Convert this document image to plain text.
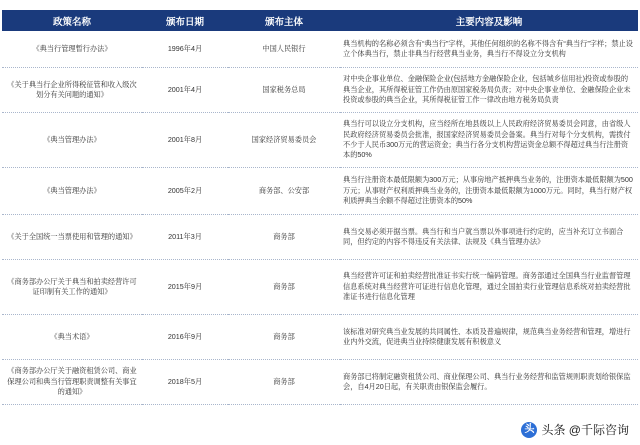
政策名称	颁布日期	颁布主体	主要内容及影响
《典当行管理暂行办法》	1996年4月	中国人民银行	典当机构的名称必须含有“典当行”字样，其他任何组织的名称不得含有“典当行”字样；禁止设立个体典当行，禁止非典当行经营典当业务，典当行不得设立分支机构
《关于典当行企业所得税征管和收入级次划分有关问题的通知》	2001年4月	国家税务总局	对中央企事业单位、金融保险企业(包括地方金融保险企业，包括城乡信用社)投资或参股的典当企业，其所得税征管工作仍由原国家税务局负责；对中央企事业单位、金融保险企业未投资或参股的典当企业，其所得税征管工作一律改由地方税务局负责
《典当管理办法》	2001年8月	国家经济贸易委员会	典当行可以设立分支机构，应当经所在地县级以上人民政府经济贸易委员会同意，由省级人民政府经济贸易委员会批准，报国家经济贸易委员会备案。典当行对每个分支机构，需拨付不少于人民币300万元的营运资金；典当行各分支机构营运资金总额不得超过典当行注册资本的50%
《典当管理办法》	2005年2月	商务部、公安部	典当行注册资本最低限额为300万元；从事房地产抵押典当业务的，注册资本最低限额为500万元；从事财产权利质押典当业务的，注册资本最低限额为1000万元。同时，典当行财产权利质押典当余额不得超过注册资本的50%
《关于全国统一当票使用和管理的通知》	2011年3月	商务部	典当交易必须开据当票。典当行和当户就当票以外事项进行约定的，应当补充订立书面合同，但约定的内容不得违反有关法律、法规及《典当管理办法》
《商务部办公厅关于典当和拍卖经营许可证印制有关工作的通知》	2015年9月	商务部	典当经营许可证和拍卖经营批准证书实行统一编码管理。商务部通过全国典当行业监督管理信息系统对典当经营许可证进行信息化管理，通过全国拍卖行业管理信息系统对拍卖经营批准证书进行信息化管理
《典当术语》	2016年9月	商务部	该标准对研究典当业发展的共同属性、本质及普遍规律，规范典当业务经营和管理，增进行业内外交流，促进典当业持续健康发展有积极意义
《商务部办公厅关于融资租赁公司、商业保理公司和典当行管理职责调整有关事宜的通知》	2018年5月	商务部	商务部已将制定融资租赁公司、商业保理公司、典当行业务经营和监管规则职责划给银保监会，自4月20日起，有关职责由银保监会履行。
头 头条 @千际咨询
